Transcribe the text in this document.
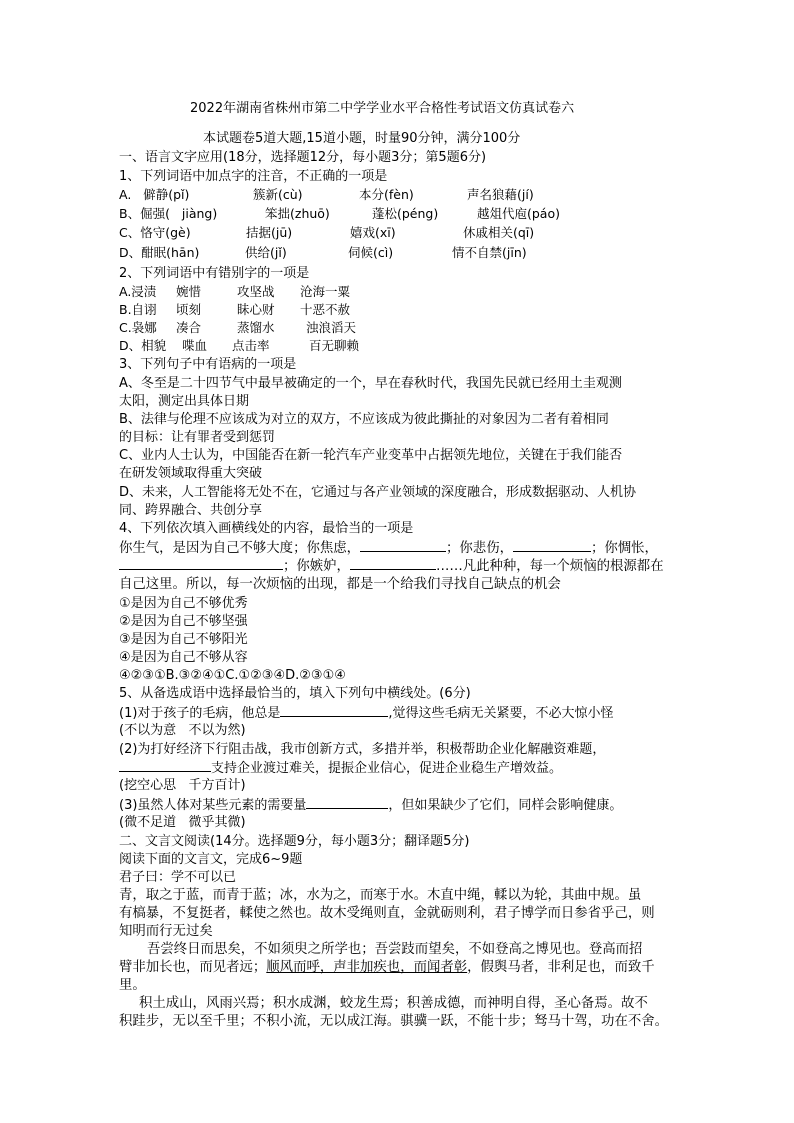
2022年湖南省株州市第二中学学业水平合格性考试语文仿真试卷六
本试题卷5道大题,15道小题，时量90分钟，满分100分
一、语言文字应用(18分，选择题12分，每小题3分；第5题6分)
1、下列词语中加点字的注音，不正确的一项是
A.   僻静(pǐ)	簇新(cù)	本分(fèn)	声名狼藉(jí)
B、倔强(   jiàng)	笨拙(zhuō)	蓬松(péng)	越俎代庖(páo)
C、恪守(gè)	拮据(jū)	嬉戏(xī)	休戚相关(qī)
D、酣眠(hān)	供给(jǐ)	伺候(cì)	情不自禁(jīn)
2、下列词语中有错别字的一项是
A.浸渍 婉惜	攻坚战 沧海一粟
B.自诩 顷刻	眛心财 十恶不赦
C.袅娜 凑合	蒸馏水	浊浪滔天
D、相貌 喋血 点击率	百无聊赖
3、下列句子中有语病的一项是
A、冬至是二十四节气中最早被确定的一个，早在春秋时代，我国先民就已经用土圭观测
太阳，测定出具体日期
B、法律与伦理不应该成为对立的双方，不应该成为彼此撕扯的对象因为二者有着相同
的目标：让有罪者受到惩罚
C、业内人士认为，中国能否在新一轮汽车产业变革中占据领先地位，关键在于我们能否
在研发领域取得重大突破
D、未来，人工智能将无处不在，它通过与各产业领域的深度融合，形成数据驱动、人机协
同、跨界融合、共创分享
4、下列依次填入画横线处的内容，最恰当的一项是
你生气，是因为自己不够大度；你焦虑，	；你悲伤，	；你惆怅，
；你嫉妒，	……凡此种种，每一个烦恼的根源都在
自己这里。所以，每一次烦恼的出现，都是一个给我们寻找自己缺点的机会
①是因为自己不够优秀
②是因为自己不够坚强
③是因为自己不够阳光
④是因为自己不够从容
④②③①B.③②④①C.①②③④D.②③①④
5、从备选成语中选择最恰当的，填入下列句中横线处。(6分)
(1)对于孩子的毛病，他总是	,觉得这些毛病无关紧要，不必大惊小怪
(不以为意   不以为然)
(2)为打好经济下行阻击战，我市创新方式，多措并举，积极帮助企业化解融资难题，
支持企业渡过难关，提振企业信心，促进企业稳生产增效益。
(挖空心思   千方百计)
(3)虽然人体对某些元素的需要量	，但如果缺少了它们，同样会影响健康。
(微不足道   微乎其微)
二、文言文阅读(14分。选择题9分，每小题3分；翻译题5分)
阅读下面的文言文，完成6~9题
君子曰：学不可以已
青，取之于蓝，而青于蓝；冰，水为之，而寒于水。木直中绳，輮以为轮，其曲中规。虽
有槁暴，不复挺者，輮使之然也。故木受绳则直，金就砺则利，君子博学而日参省乎己，则
知明而行无过矣
吾尝终日而思矣，不如须臾之所学也；吾尝跂而望矣，不如登高之博见也。登高而招
臂非加长也，而见者远；顺风而呼，声非加疾也，而闻者彰，假舆马者，非利足也，而致千
里。
积土成山，风雨兴焉；积水成渊，蛟龙生焉；积善成德，而神明自得，圣心备焉。故不
积跬步，无以至千里；不积小流，无以成江海。骐骥一跃，不能十步；驽马十驾，功在不舍。
